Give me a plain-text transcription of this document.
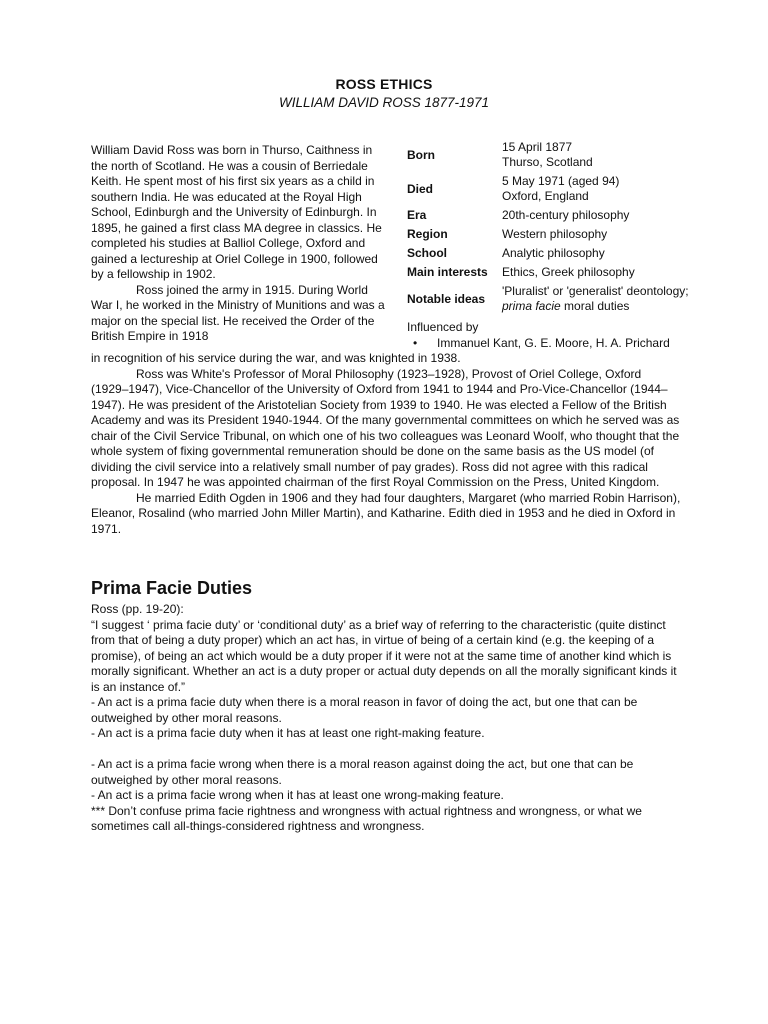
ROSS ETHICS
WILLIAM DAVID ROSS 1877-1971

William David Ross was born in Thurso, Caithness in the north of Scotland. He was a cousin of Berriedale Keith. He spent most of his first six years as a child in southern India. He was educated at the Royal High School, Edinburgh and the University of Edinburgh. In 1895, he gained a first class MA degree in classics. He completed his studies at Balliol College, Oxford and gained a lectureship at Oriel College in 1900, followed by a fellowship in 1902.

Ross joined the army in 1915. During World War I, he worked in the Ministry of Munitions and was a major on the special list. He received the Order of the British Empire in 1918

Born	15 April 1877
Thurso, Scotland

Died	5 May 1971 (aged 94)
Oxford, England

Era	20th-century philosophy
Region	Western philosophy
School	Analytic philosophy
Main interests	Ethics, Greek philosophy
Notable ideas	'Pluralist' or 'generalist' deontology;
prima facie moral duties
Influenced by
• Immanuel Kant, G. E. Moore, H. A. Prichard

in recognition of his service during the war, and was knighted in 1938.

Ross was White's Professor of Moral Philosophy (1923–1928), Provost of Oriel College, Oxford (1929–1947), Vice-Chancellor of the University of Oxford from 1941 to 1944 and Pro-Vice-Chancellor (1944–1947). He was president of the Aristotelian Society from 1939 to 1940. He was elected a Fellow of the British Academy and was its President 1940-1944. Of the many governmental committees on which he served was as chair of the Civil Service Tribunal, on which one of his two colleagues was Leonard Woolf, who thought that the whole system of fixing governmental remuneration should be done on the same basis as the US model (of dividing the civil service into a relatively small number of pay grades). Ross did not agree with this radical proposal. In 1947 he was appointed chairman of the first Royal Commission on the Press, United Kingdom.

He married Edith Ogden in 1906 and they had four daughters, Margaret (who married Robin Harrison), Eleanor, Rosalind (who married John Miller Martin), and Katharine. Edith died in 1953 and he died in Oxford in 1971.

Prima Facie Duties

Ross (pp. 19-20):

“I suggest ‘ prima facie duty’ or ‘conditional duty’ as a brief way of referring to the characteristic (quite distinct from that of being a duty proper) which an act has, in virtue of being of a certain kind (e.g. the keeping of a promise), of being an act which would be a duty proper if it were not at the same time of another kind which is morally significant. Whether an act is a duty proper or actual duty depends on all the morally significant kinds it is an instance of.”

- An act is a prima facie duty when there is a moral reason in favor of doing the act, but one that can be outweighed by other moral reasons.

- An act is a prima facie duty when it has at least one right-making feature.

- An act is a prima facie wrong when there is a moral reason against doing the act, but one that can be outweighed by other moral reasons.

- An act is a prima facie wrong when it has at least one wrong-making feature.

*** Don’t confuse prima facie rightness and wrongness with actual rightness and wrongness, or what we sometimes call all-things-considered rightness and wrongness.
